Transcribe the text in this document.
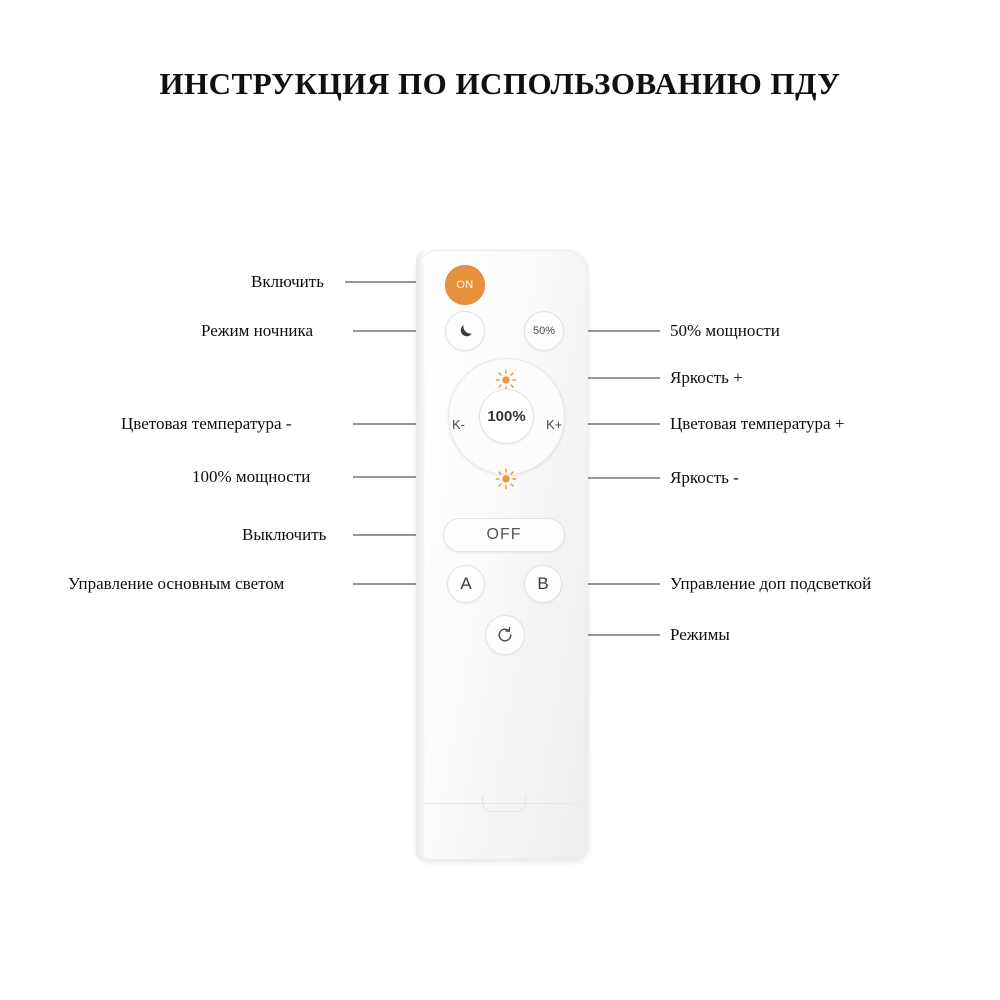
ИНСТРУКЦИЯ ПО ИСПОЛЬЗОВАНИЮ ПДУ
ON
50%
K-	K+
100%
OFF
A	B
Включить
Режим ночника
Цветовая температура -
100% мощности
Выключить
Управление основным светом
50% мощности
Яркость +
Цветовая температура +
Яркость -
Управление доп подсветкой
Режимы
